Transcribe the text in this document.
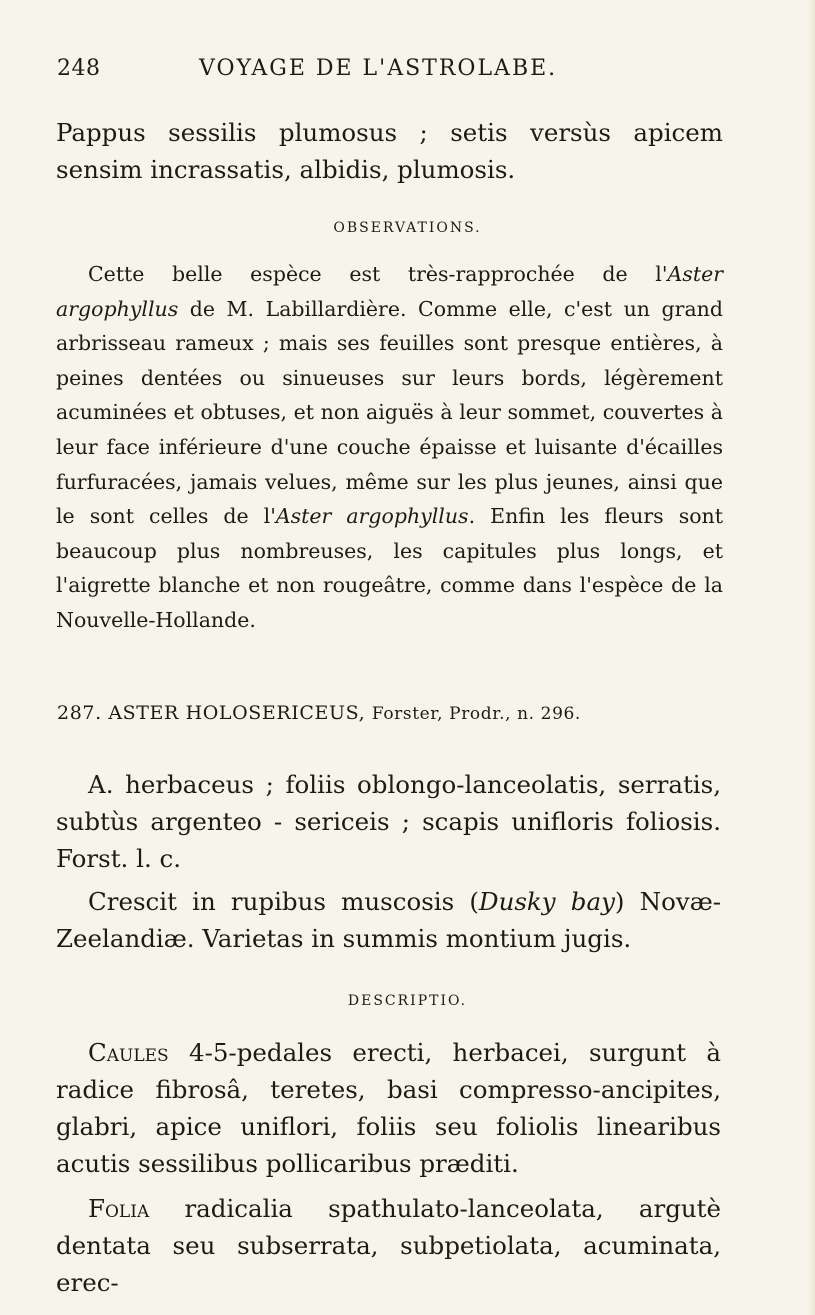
248	VOYAGE DE L'ASTROLABE.

Pappus sessilis plumosus ; setis versùs apicem sensim incrassatis, albidis, plumosis.

OBSERVATIONS.

Cette belle espèce est très-rapprochée de l'Aster argophyllus de M. Labillardière. Comme elle, c'est un grand arbrisseau rameux ; mais ses feuilles sont presque entières, à peines dentées ou sinueuses sur leurs bords, légèrement acuminées et obtuses, et non aiguës à leur sommet, couvertes à leur face inférieure d'une couche épaisse et luisante d'écailles furfuracées, jamais velues, même sur les plus jeunes, ainsi que le sont celles de l'Aster argophyllus. Enfin les fleurs sont beaucoup plus nombreuses, les capitules plus longs, et l'aigrette blanche et non rougeâtre, comme dans l'espèce de la Nouvelle-Hollande.

287. ASTER HOLOSERICEUS, Forster, Prodr., n. 296.

A. herbaceus ; foliis oblongo-lanceolatis, serratis, subtùs argenteo - sericeis ; scapis unifloris foliosis. Forst. l. c.

Crescit in rupibus muscosis (Dusky bay) Novæ-Zeelandiæ. Varietas in summis montium jugis.

DESCRIPTIO.

Caules 4-5-pedales erecti, herbacei, surgunt à radice fibrosâ, teretes, basi compresso-ancipites, glabri, apice uniflori, foliis seu foliolis linearibus acutis sessilibus pollicaribus præditi.

Folia radicalia spathulato-lanceolata, argutè dentata seu subserrata, subpetiolata, acuminata, erec-
